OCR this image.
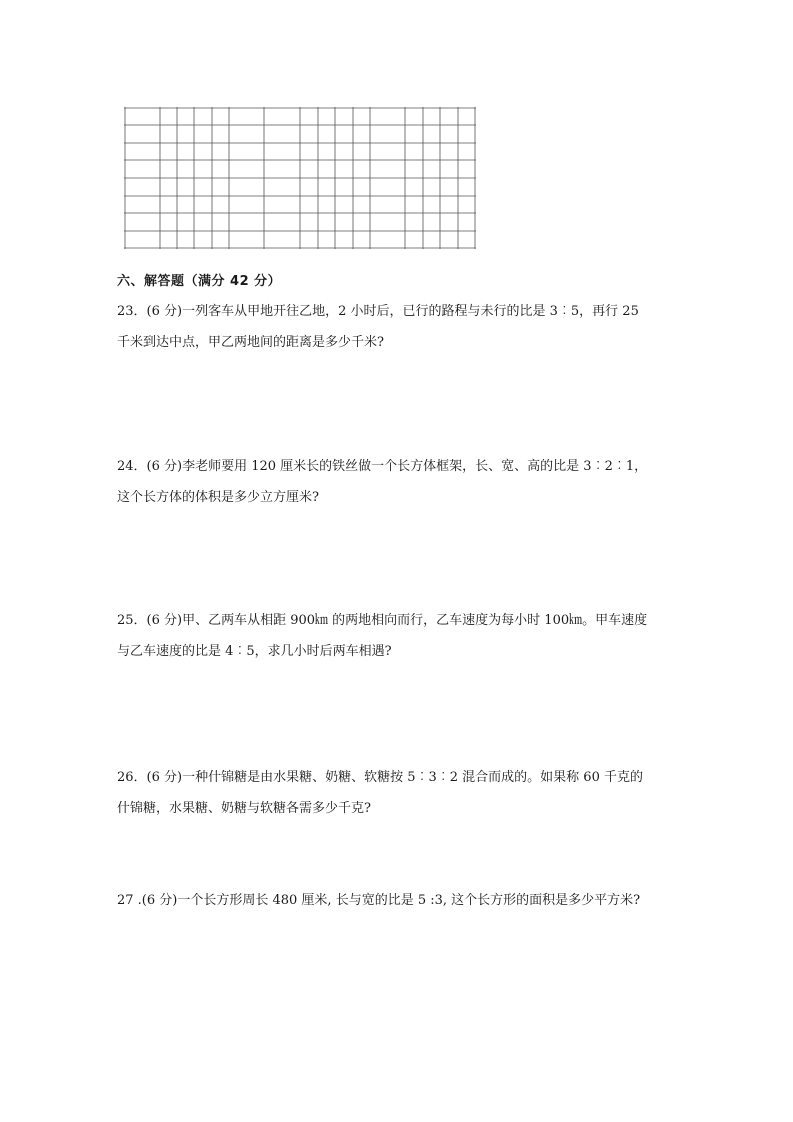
六、解答题（满分 42 分）
23．(6 分)一列客车从甲地开往乙地，2 小时后，已行的路程与未行的比是 3︰5，再行 25
千米到达中点，甲乙两地间的距离是多少千米?
24．(6 分)李老师要用 120 厘米长的铁丝做一个长方体框架，长、宽、高的比是 3︰2︰1，
这个长方体的体积是多少立方厘米?
25．(6 分)甲、乙两车从相距 900㎞ 的两地相向而行，乙车速度为每小时 100㎞。甲车速度
与乙车速度的比是 4︰5，求几小时后两车相遇?
26．(6 分)一种什锦糖是由水果糖、奶糖、软糖按 5︰3︰2 混合而成的。如果称 60 千克的
什锦糖，水果糖、奶糖与软糖各需多少千克?
27 .(6 分)一个长方形周长 480 厘米, 长与宽的比是 5 :3, 这个长方形的面积是多少平方米?
